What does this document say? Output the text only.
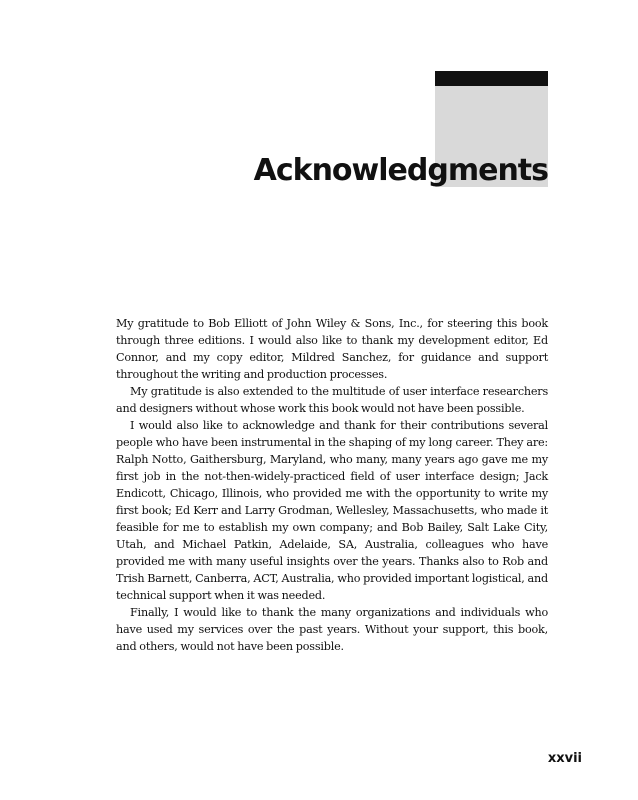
Acknowledgments

My gratitude to Bob Elliott of John Wiley & Sons, Inc., for steering this book through three editions. I would also like to thank my development editor, Ed Connor, and my copy editor, Mildred Sanchez, for guidance and support throughout the writing and production processes.

My gratitude is also extended to the multitude of user interface researchers and designers without whose work this book would not have been possible.

I would also like to acknowledge and thank for their contributions several people who have been instrumental in the shaping of my long career. They are: Ralph Notto, Gaithersburg, Maryland, who many, many years ago gave me my first job in the not-then-widely-practiced field of user interface design; Jack Endicott, Chicago, Illinois, who provided me with the opportunity to write my first book; Ed Kerr and Larry Grodman, Wellesley, Massachusetts, who made it feasible for me to establish my own company; and Bob Bailey, Salt Lake City, Utah, and Michael Patkin, Adelaide, SA, Australia, colleagues who have provided me with many useful insights over the years. Thanks also to Rob and Trish Barnett, Canberra, ACT, Australia, who provided important logistical, and technical support when it was needed.

Finally, I would like to thank the many organizations and individuals who have used my services over the past years. Without your support, this book, and others, would not have been possible.

xxvii
